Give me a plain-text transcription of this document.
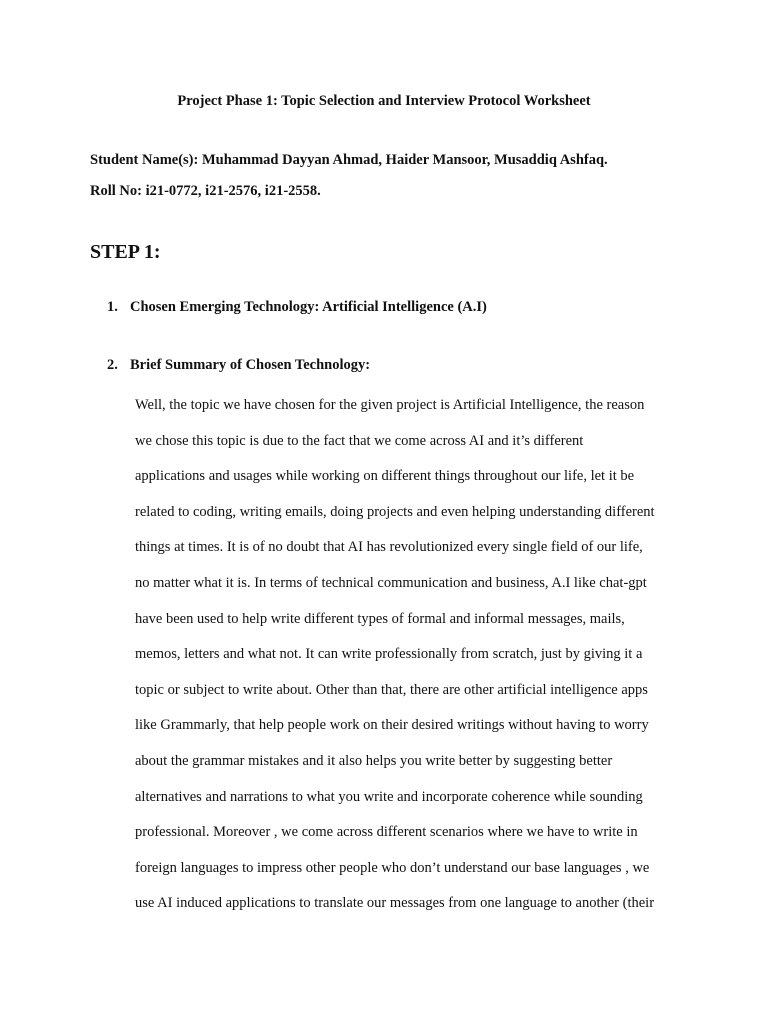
Project Phase 1: Topic Selection and Interview Protocol Worksheet
Student Name(s): Muhammad Dayyan Ahmad, Haider Mansoor, Musaddiq Ashfaq.
Roll No: i21-0772, i21-2576, i21-2558.
STEP 1:
1. Chosen Emerging Technology: Artificial Intelligence (A.I)
2. Brief Summary of Chosen Technology:
Well, the topic we have chosen for the given project is Artificial Intelligence, the reason
we chose this topic is due to the fact that we come across AI and it’s different
applications and usages while working on different things throughout our life, let it be
related to coding, writing emails, doing projects and even helping understanding different
things at times. It is of no doubt that AI has revolutionized every single field of our life,
no matter what it is. In terms of technical communication and business, A.I like chat-gpt
have been used to help write different types of formal and informal messages, mails,
memos, letters and what not. It can write professionally from scratch, just by giving it a
topic or subject to write about. Other than that, there are other artificial intelligence apps
like Grammarly, that help people work on their desired writings without having to worry
about the grammar mistakes and it also helps you write better by suggesting better
alternatives and narrations to what you write and incorporate coherence while sounding
professional. Moreover , we come across different scenarios where we have to write in
foreign languages to impress other people who don’t understand our base languages , we
use AI induced applications to translate our messages from one language to another (their
